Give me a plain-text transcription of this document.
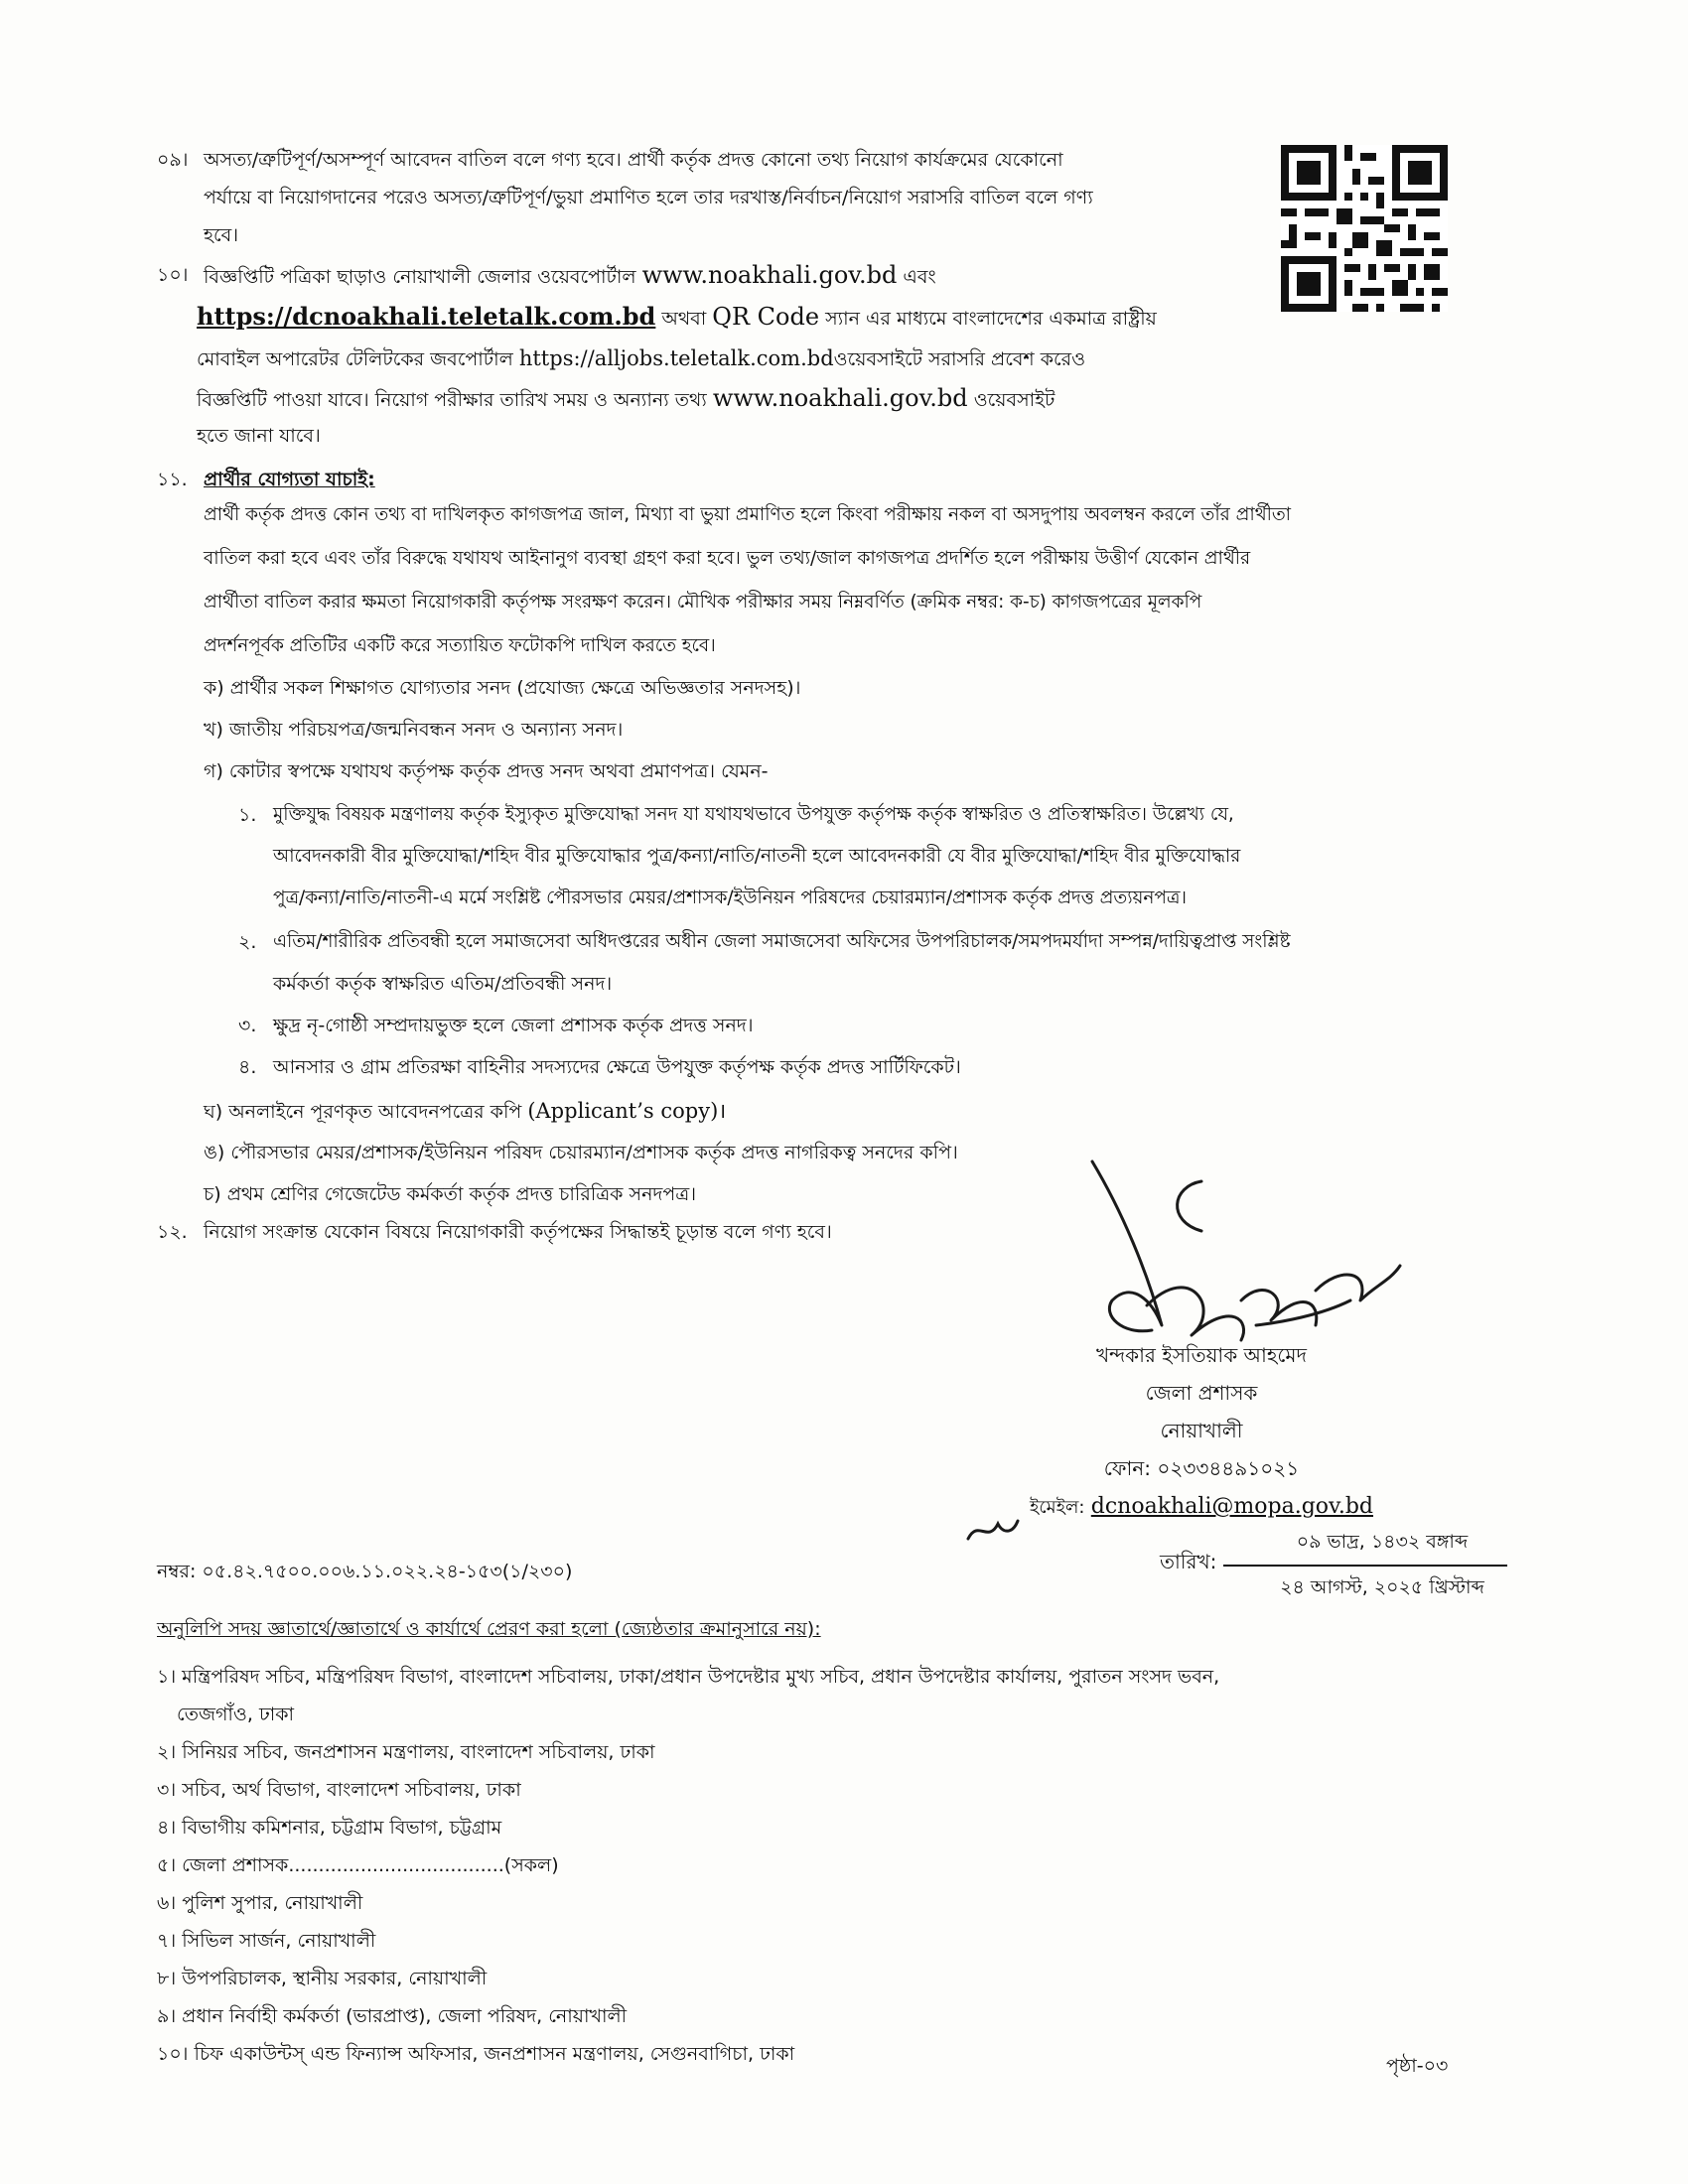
০৯। অসত্য/ত্রুটিপূর্ণ/অসম্পূর্ণ আবেদন বাতিল বলে গণ্য হবে। প্রার্থী কর্তৃক প্রদত্ত কোনো তথ্য নিয়োগ কার্যক্রমের যেকোনো
পর্যায়ে বা নিয়োগদানের পরেও অসত্য/ত্রুটিপূর্ণ/ভুয়া প্রমাণিত হলে তার দরখাস্ত/নির্বাচন/নিয়োগ সরাসরি বাতিল বলে গণ্য
হবে।
১০। বিজ্ঞপ্তিটি পত্রিকা ছাড়াও নোয়াখালী জেলার ওয়েবপোর্টাল www.noakhali.gov.bd এবং
https://dcnoakhali.teletalk.com.bd অথবা QR Code স্যান এর মাধ্যমে বাংলাদেশের একমাত্র রাষ্ট্রীয়
মোবাইল অপারেটর টেলিটকের জবপোর্টাল https://alljobs.teletalk.com.bdওয়েবসাইটে সরাসরি প্রবেশ করেও
বিজ্ঞপ্তিটি পাওয়া যাবে। নিয়োগ পরীক্ষার তারিখ সময় ও অন্যান্য তথ্য www.noakhali.gov.bd ওয়েবসাইট
হতে জানা যাবে।
১১. প্রার্থীর যোগ্যতা যাচাই:
প্রার্থী কর্তৃক প্রদত্ত কোন তথ্য বা দাখিলকৃত কাগজপত্র জাল, মিথ্যা বা ভুয়া প্রমাণিত হলে কিংবা পরীক্ষায় নকল বা অসদুপায় অবলম্বন করলে তাঁর প্রার্থীতা
বাতিল করা হবে এবং তাঁর বিরুদ্ধে যথাযথ আইনানুগ ব্যবস্থা গ্রহণ করা হবে। ভুল তথ্য/জাল কাগজপত্র প্রদর্শিত হলে পরীক্ষায় উত্তীর্ণ যেকোন প্রার্থীর
প্রার্থীতা বাতিল করার ক্ষমতা নিয়োগকারী কর্তৃপক্ষ সংরক্ষণ করেন। মৌখিক পরীক্ষার সময় নিম্নবর্ণিত (ক্রমিক নম্বর: ক-চ) কাগজপত্রের মূলকপি
প্রদর্শনপূর্বক প্রতিটির একটি করে সত্যায়িত ফটোকপি দাখিল করতে হবে।
ক) প্রার্থীর সকল শিক্ষাগত যোগ্যতার সনদ (প্রযোজ্য ক্ষেত্রে অভিজ্ঞতার সনদসহ)।
খ) জাতীয় পরিচয়পত্র/জন্মনিবন্ধন সনদ ও অন্যান্য সনদ।
গ) কোটার স্বপক্ষে যথাযথ কর্তৃপক্ষ কর্তৃক প্রদত্ত সনদ অথবা প্রমাণপত্র। যেমন-
১. মুক্তিযুদ্ধ বিষয়ক মন্ত্রণালয় কর্তৃক ইস্যুকৃত মুক্তিযোদ্ধা সনদ যা যথাযথভাবে উপযুক্ত কর্তৃপক্ষ কর্তৃক স্বাক্ষরিত ও প্রতিস্বাক্ষরিত। উল্লেখ্য যে,
আবেদনকারী বীর মুক্তিযোদ্ধা/শহিদ বীর মুক্তিযোদ্ধার পুত্র/কন্যা/নাতি/নাতনী হলে আবেদনকারী যে বীর মুক্তিযোদ্ধা/শহিদ বীর মুক্তিযোদ্ধার
পুত্র/কন্যা/নাতি/নাতনী-এ মর্মে সংশ্লিষ্ট পৌরসভার মেয়র/প্রশাসক/ইউনিয়ন পরিষদের চেয়ারম্যান/প্রশাসক কর্তৃক প্রদত্ত প্রত্যয়নপত্র।
২. এতিম/শারীরিক প্রতিবন্ধী হলে সমাজসেবা অধিদপ্তরের অধীন জেলা সমাজসেবা অফিসের উপপরিচালক/সমপদমর্যাদা সম্পন্ন/দায়িত্বপ্রাপ্ত সংশ্লিষ্ট
কর্মকর্তা কর্তৃক স্বাক্ষরিত এতিম/প্রতিবন্ধী সনদ।
৩. ক্ষুদ্র নৃ-গোষ্ঠী সম্প্রদায়ভুক্ত হলে জেলা প্রশাসক কর্তৃক প্রদত্ত সনদ।
৪. আনসার ও গ্রাম প্রতিরক্ষা বাহিনীর সদস্যদের ক্ষেত্রে উপযুক্ত কর্তৃপক্ষ কর্তৃক প্রদত্ত সার্টিফিকেট।
ঘ) অনলাইনে পূরণকৃত আবেদনপত্রের কপি (Applicant’s copy)।
ঙ) পৌরসভার মেয়র/প্রশাসক/ইউনিয়ন পরিষদ চেয়ারম্যান/প্রশাসক কর্তৃক প্রদত্ত নাগরিকত্ব সনদের কপি।
চ) প্রথম শ্রেণির গেজেটেড কর্মকর্তা কর্তৃক প্রদত্ত চারিত্রিক সনদপত্র।
১২. নিয়োগ সংক্রান্ত যেকোন বিষয়ে নিয়োগকারী কর্তৃপক্ষের সিদ্ধান্তই চূড়ান্ত বলে গণ্য হবে।
খন্দকার ইসতিয়াক আহমেদ
জেলা প্রশাসক
নোয়াখালী
ফোন: ০২৩৩৪৪৯১০২১
ইমেইল: dcnoakhali@mopa.gov.bd
নম্বর: ০৫.৪২.৭৫০০.০০৬.১১.০২২.২৪-১৫৩(১/২৩০)	তারিখ:
০৯ ভাদ্র, ১৪৩২ বঙ্গাব্দ
২৪ আগস্ট, ২০২৫ খ্রিস্টাব্দ
অনুলিপি সদয় জ্ঞাতার্থে/জ্ঞাতার্থে ও কার্যার্থে প্রেরণ করা হলো (জ্যেষ্ঠতার ক্রমানুসারে নয়):
১। মন্ত্রিপরিষদ সচিব, মন্ত্রিপরিষদ বিভাগ, বাংলাদেশ সচিবালয়, ঢাকা/প্রধান উপদেষ্টার মুখ্য সচিব, প্রধান উপদেষ্টার কার্যালয়, পুরাতন সংসদ ভবন,
তেজগাঁও, ঢাকা
২। সিনিয়র সচিব, জনপ্রশাসন মন্ত্রণালয়, বাংলাদেশ সচিবালয়, ঢাকা
৩। সচিব, অর্থ বিভাগ, বাংলাদেশ সচিবালয়, ঢাকা
৪। বিভাগীয় কমিশনার, চট্টগ্রাম বিভাগ, চট্টগ্রাম
৫। জেলা প্রশাসক....................................(সকল)
৬। পুলিশ সুপার, নোয়াখালী
৭। সিভিল সার্জন, নোয়াখালী
৮। উপপরিচালক, স্থানীয় সরকার, নোয়াখালী
৯। প্রধান নির্বাহী কর্মকর্তা (ভারপ্রাপ্ত), জেলা পরিষদ, নোয়াখালী
১০। চিফ একাউন্টস্ এন্ড ফিন্যান্স অফিসার, জনপ্রশাসন মন্ত্রণালয়, সেগুনবাগিচা, ঢাকা
পৃষ্ঠা-০৩
